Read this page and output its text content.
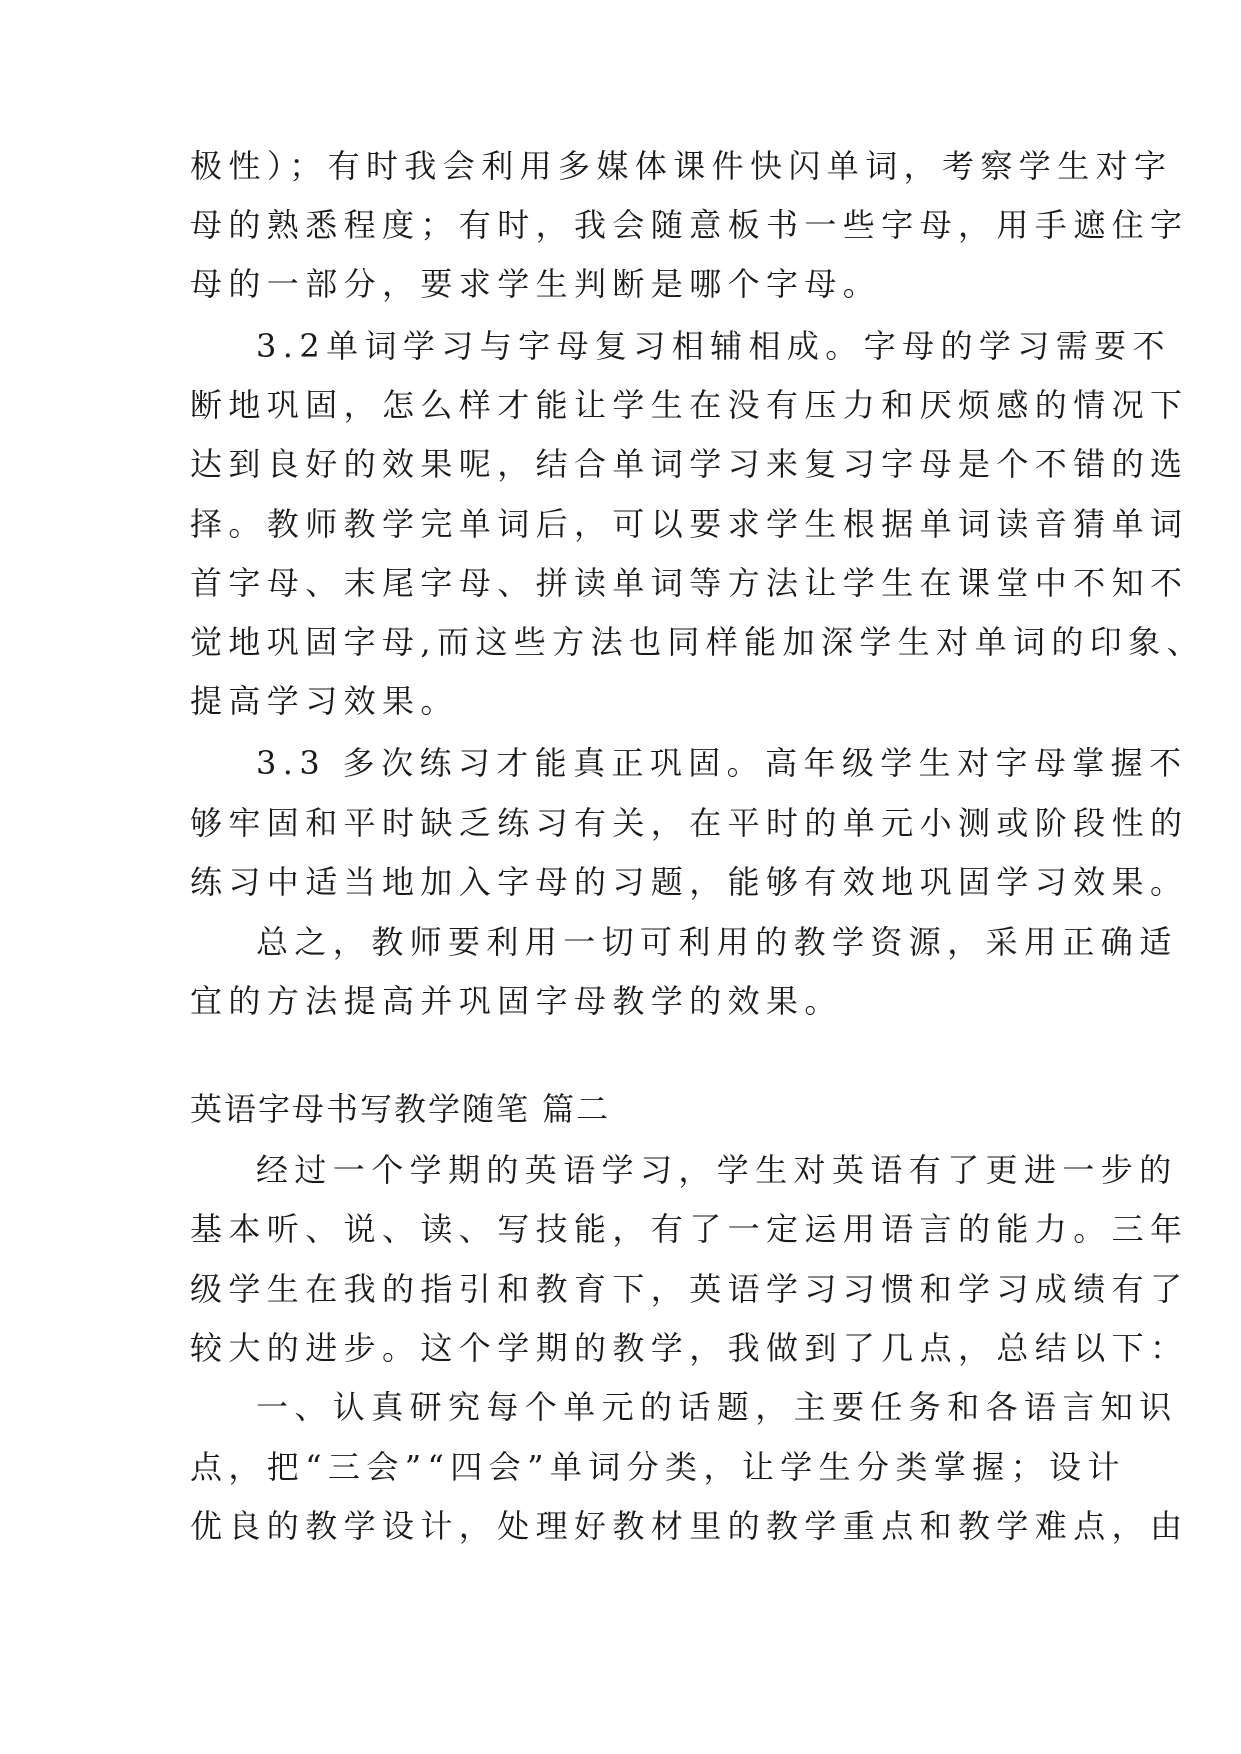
极性）；有时我会利用多媒体课件快闪单词，考察学生对字
母的熟悉程度；有时，我会随意板书一些字母，用手遮住字
母的一部分，要求学生判断是哪个字母。
3.2单词学习与字母复习相辅相成。字母的学习需要不
断地巩固，怎么样才能让学生在没有压力和厌烦感的情况下
达到良好的效果呢，结合单词学习来复习字母是个不错的选
择。教师教学完单词后，可以要求学生根据单词读音猜单词
首字母、末尾字母、拼读单词等方法让学生在课堂中不知不
觉地巩固字母,而这些方法也同样能加深学生对单词的印象、
提高学习效果。
3.3 多次练习才能真正巩固。高年级学生对字母掌握不
够牢固和平时缺乏练习有关，在平时的单元小测或阶段性的
练习中适当地加入字母的习题，能够有效地巩固学习效果。
总之，教师要利用一切可利用的教学资源，采用正确适
宜的方法提高并巩固字母教学的效果。
英语字母书写教学随笔 篇二
经过一个学期的英语学习，学生对英语有了更进一步的
基本听、说、读、写技能，有了一定运用语言的能力。三年
级学生在我的指引和教育下，英语学习习惯和学习成绩有了
较大的进步。这个学期的教学，我做到了几点，总结以下：
一、认真研究每个单元的话题，主要任务和各语言知识
点，把“三会”“四会”单词分类，让学生分类掌握；设计
优良的教学设计，处理好教材里的教学重点和教学难点，由
